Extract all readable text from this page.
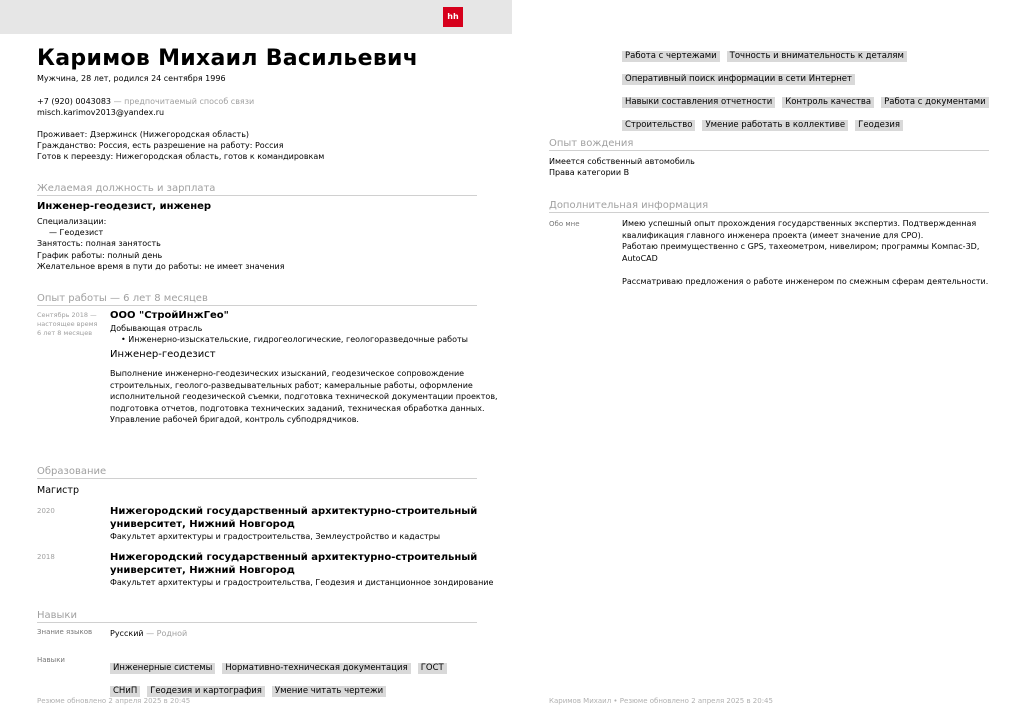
hh
Каримов Михаил Васильевич
Мужчина, 28 лет, родился 24 сентября 1996
+7 (920) 0043083 — предпочитаемый способ связи
misch.karimov2013@yandex.ru
Проживает: Дзержинск (Нижегородская область)
Гражданство: Россия, есть разрешение на работу: Россия
Готов к переезду: Нижегородская область, готов к командировкам
Желаемая должность и зарплата
Инженер-геодезист, инженер
Специализации:
— Геодезист
Занятость: полная занятость
График работы: полный день
Желательное время в пути до работы: не имеет значения
Опыт работы — 6 лет 8 месяцев
Сентябрь 2018 —
настоящее время
6 лет 8 месяцев
ООО "СтройИнжГео"
Добывающая отрасль
• Инженерно-изыскательские, гидрогеологические, геологоразведочные работы
Инженер-геодезист
Выполнение инженерно-геодезических изысканий, геодезическое сопровождение
строительных, геолого-разведывательных работ; камеральные работы, оформление
исполнительной геодезической съемки, подготовка технической документации проектов,
подготовка отчетов, подготовка технических заданий, техническая обработка данных.
Управление рабочей бригадой, контроль субподрядчиков.
Образование
Магистр
2020	Нижегородский государственный архитектурно-строительный
университет, Нижний Новгород
Факультет архитектуры и градостроительства, Землеустройство и кадастры
2018	Нижегородский государственный архитектурно-строительный
университет, Нижний Новгород
Факультет архитектуры и градостроительства, Геодезия и дистанционное зондирование
Навыки
Знание языков Русский — Родной
Навыки
Инженерные системы Нормативно-техническая документация ГОСТ
СНиП Геодезия и картография Умение читать чертежи
Резюме обновлено 2 апреля 2025 в 20:45
Работа с чертежами Точность и внимательность к деталям
Оперативный поиск информации в сети Интернет
Навыки составления отчетности Контроль качества Работа с документами
Строительство Умение работать в коллективе Геодезия
Опыт вождения
Имеется собственный автомобиль
Права категории B
Дополнительная информация
Обо мне	Имею успешный опыт прохождения государственных экспертиз. Подтвержденная
квалификация главного инженера проекта (имеет значение для СРО).
Работаю преимущественно с GPS, тахеометром, нивелиром; программы Компас-3D,
AutoCAD
Рассматриваю предложения о работе инженером по смежным сферам деятельности.
Каримов Михаил • Резюме обновлено 2 апреля 2025 в 20:45
